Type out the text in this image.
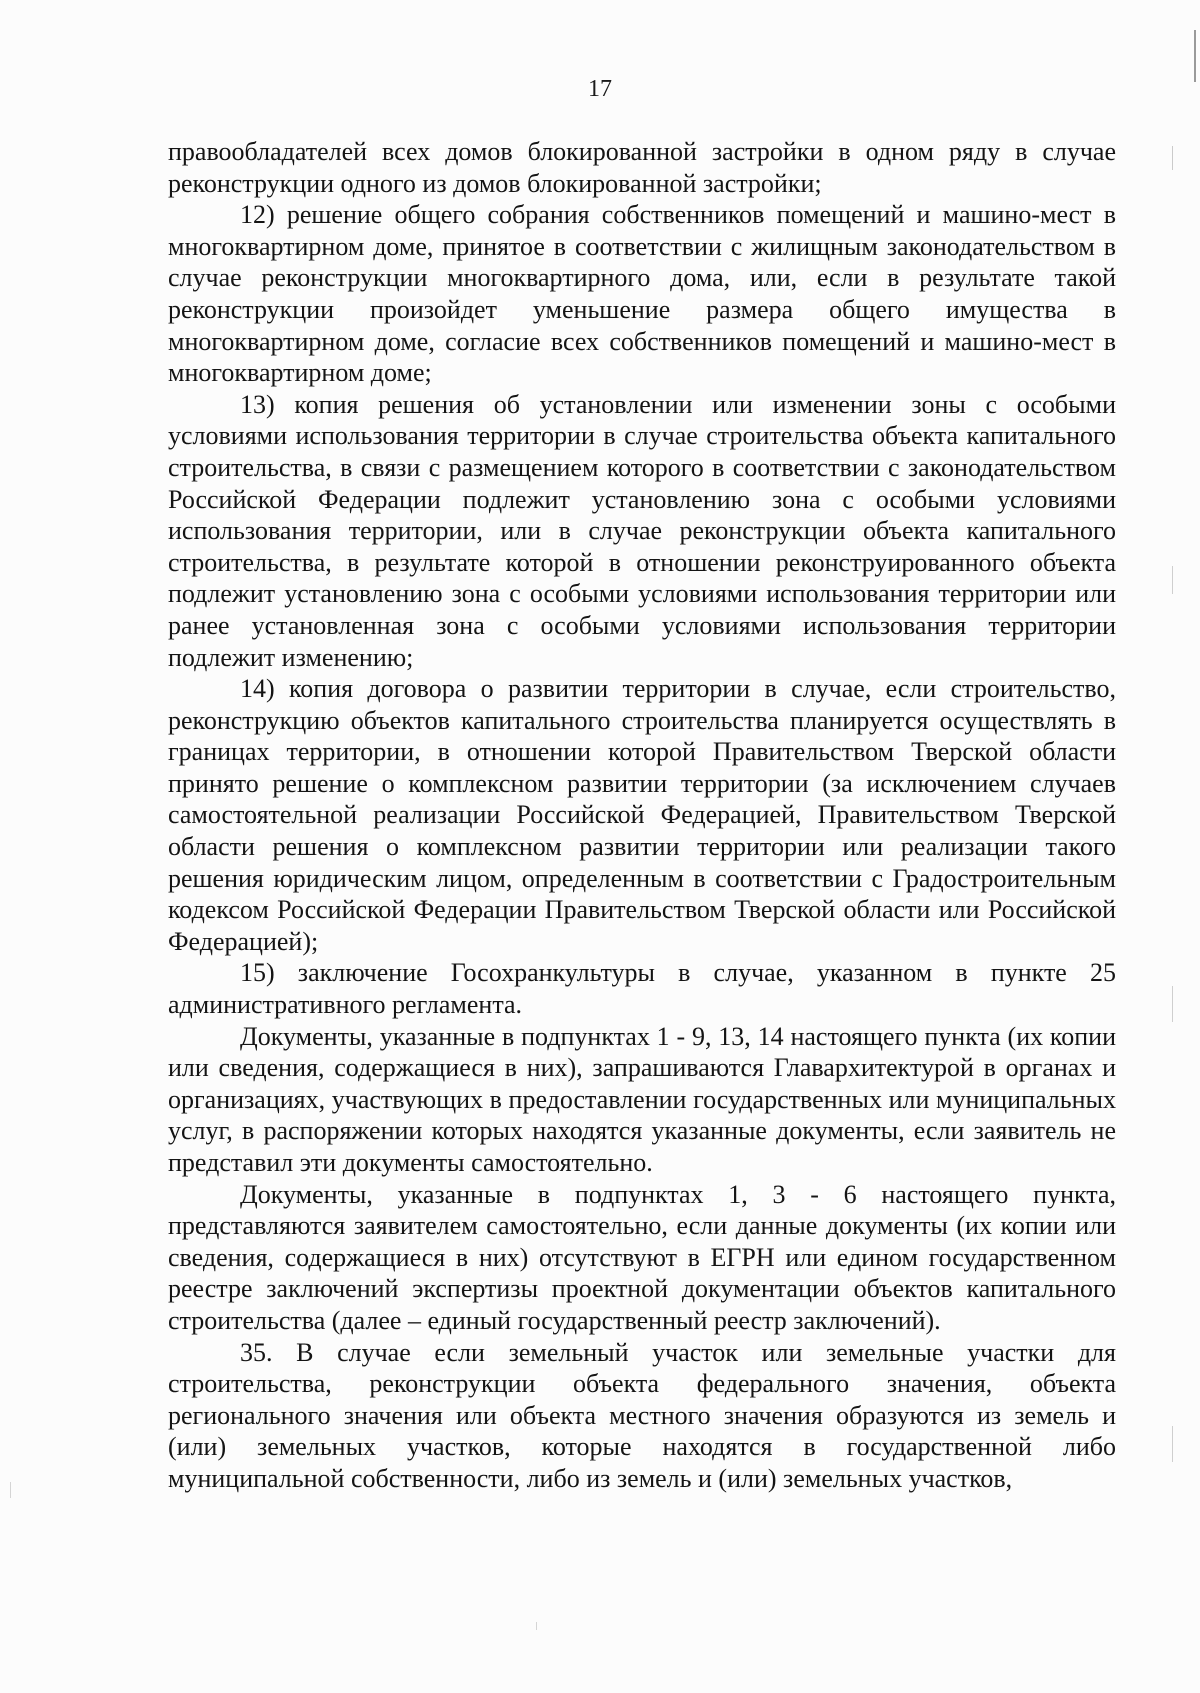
17

правообладателей всех домов блокированной застройки в одном ряду в случае реконструкции одного из домов блокированной застройки;

12) решение общего собрания собственников помещений и машино-мест в многоквартирном доме, принятое в соответствии с жилищным законодательством в случае реконструкции многоквартирного дома, или, если в результате такой реконструкции произойдет уменьшение размера общего имущества в многоквартирном доме, согласие всех собственников помещений и машино-мест в многоквартирном доме;

13) копия решения об установлении или изменении зоны с особыми условиями использования территории в случае строительства объекта капитального строительства, в связи с размещением которого в соответствии с законодательством Российской Федерации подлежит установлению зона с особыми условиями использования территории, или в случае реконструкции объекта капитального строительства, в результате которой в отношении реконструированного объекта подлежит установлению зона с особыми условиями использования территории или ранее установленная зона с особыми условиями использования территории подлежит изменению;

14) копия договора о развитии территории в случае, если строительство, реконструкцию объектов капитального строительства планируется осуществлять в границах территории, в отношении которой Правительством Тверской области принято решение о комплексном развитии территории (за исключением случаев самостоятельной реализации Российской Федерацией, Правительством Тверской области решения о комплексном развитии территории или реализации такого решения юридическим лицом, определенным в соответствии с Градостроительным кодексом Российской Федерации Правительством Тверской области или Российской Федерацией);

15) заключение Госохранкультуры в случае, указанном в пункте 25 административного регламента.

Документы, указанные в подпунктах 1 - 9, 13, 14 настоящего пункта (их копии или сведения, содержащиеся в них), запрашиваются Главархитектурой в органах и организациях, участвующих в предоставлении государственных или муниципальных услуг, в распоряжении которых находятся указанные документы, если заявитель не представил эти документы самостоятельно.

Документы, указанные в подпунктах 1, 3 - 6 настоящего пункта, представляются заявителем самостоятельно, если данные документы (их копии или сведения, содержащиеся в них) отсутствуют в ЕГРН или едином государственном реестре заключений экспертизы проектной документации объектов капитального строительства (далее – единый государственный реестр заключений).

35. В случае если земельный участок или земельные участки для строительства, реконструкции объекта федерального значения, объекта регионального значения или объекта местного значения образуются из земель и (или) земельных участков, которые находятся в государственной либо муниципальной собственности, либо из земель и (или) земельных участков,
